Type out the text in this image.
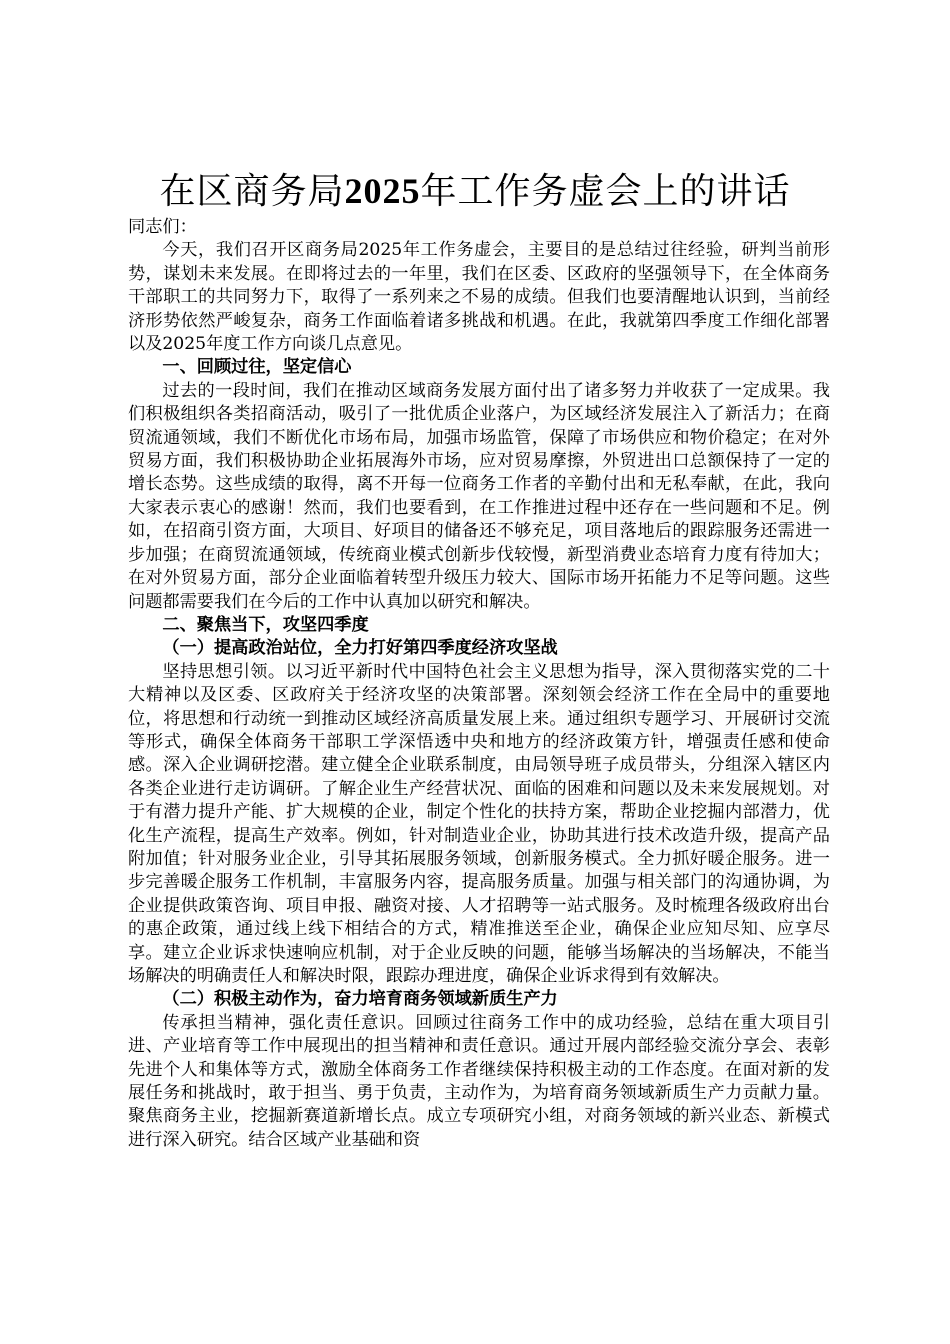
在区商务局2025年工作务虚会上的讲话

同志们：

今天，我们召开区商务局2025年工作务虚会，主要目的是总结过往经验，研判当前形势，谋划未来发展。在即将过去的一年里，我们在区委、区政府的坚强领导下，在全体商务干部职工的共同努力下，取得了一系列来之不易的成绩。但我们也要清醒地认识到，当前经济形势依然严峻复杂，商务工作面临着诸多挑战和机遇。在此，我就第四季度工作细化部署以及2025年度工作方向谈几点意见。

一、回顾过往，坚定信心

过去的一段时间，我们在推动区域商务发展方面付出了诸多努力并收获了一定成果。我们积极组织各类招商活动，吸引了一批优质企业落户，为区域经济发展注入了新活力；在商贸流通领域，我们不断优化市场布局，加强市场监管，保障了市场供应和物价稳定；在对外贸易方面，我们积极协助企业拓展海外市场，应对贸易摩擦，外贸进出口总额保持了一定的增长态势。这些成绩的取得，离不开每一位商务工作者的辛勤付出和无私奉献，在此，我向大家表示衷心的感谢！然而，我们也要看到，在工作推进过程中还存在一些问题和不足。例如，在招商引资方面，大项目、好项目的储备还不够充足，项目落地后的跟踪服务还需进一步加强；在商贸流通领域，传统商业模式创新步伐较慢，新型消费业态培育力度有待加大；在对外贸易方面，部分企业面临着转型升级压力较大、国际市场开拓能力不足等问题。这些问题都需要我们在今后的工作中认真加以研究和解决。

二、聚焦当下，攻坚四季度
（一）提高政治站位，全力打好第四季度经济攻坚战

坚持思想引领。以习近平新时代中国特色社会主义思想为指导，深入贯彻落实党的二十大精神以及区委、区政府关于经济攻坚的决策部署。深刻领会经济工作在全局中的重要地位，将思想和行动统一到推动区域经济高质量发展上来。通过组织专题学习、开展研讨交流等形式，确保全体商务干部职工学深悟透中央和地方的经济政策方针，增强责任感和使命感。深入企业调研挖潜。建立健全企业联系制度，由局领导班子成员带头，分组深入辖区内各类企业进行走访调研。了解企业生产经营状况、面临的困难和问题以及未来发展规划。对于有潜力提升产能、扩大规模的企业，制定个性化的扶持方案，帮助企业挖掘内部潜力，优化生产流程，提高生产效率。例如，针对制造业企业，协助其进行技术改造升级，提高产品附加值；针对服务业企业，引导其拓展服务领域，创新服务模式。全力抓好暖企服务。进一步完善暖企服务工作机制，丰富服务内容，提高服务质量。加强与相关部门的沟通协调，为企业提供政策咨询、项目申报、融资对接、人才招聘等一站式服务。及时梳理各级政府出台的惠企政策，通过线上线下相结合的方式，精准推送至企业，确保企业应知尽知、应享尽享。建立企业诉求快速响应机制，对于企业反映的问题，能够当场解决的当场解决，不能当场解决的明确责任人和解决时限，跟踪办理进度，确保企业诉求得到有效解决。

（二）积极主动作为，奋力培育商务领域新质生产力

传承担当精神，强化责任意识。回顾过往商务工作中的成功经验，总结在重大项目引进、产业培育等工作中展现出的担当精神和责任意识。通过开展内部经验交流分享会、表彰先进个人和集体等方式，激励全体商务工作者继续保持积极主动的工作态度。在面对新的发展任务和挑战时，敢于担当、勇于负责，主动作为，为培育商务领域新质生产力贡献力量。聚焦商务主业，挖掘新赛道新增长点。成立专项研究小组，对商务领域的新兴业态、新模式进行深入研究。结合区域产业基础和资
